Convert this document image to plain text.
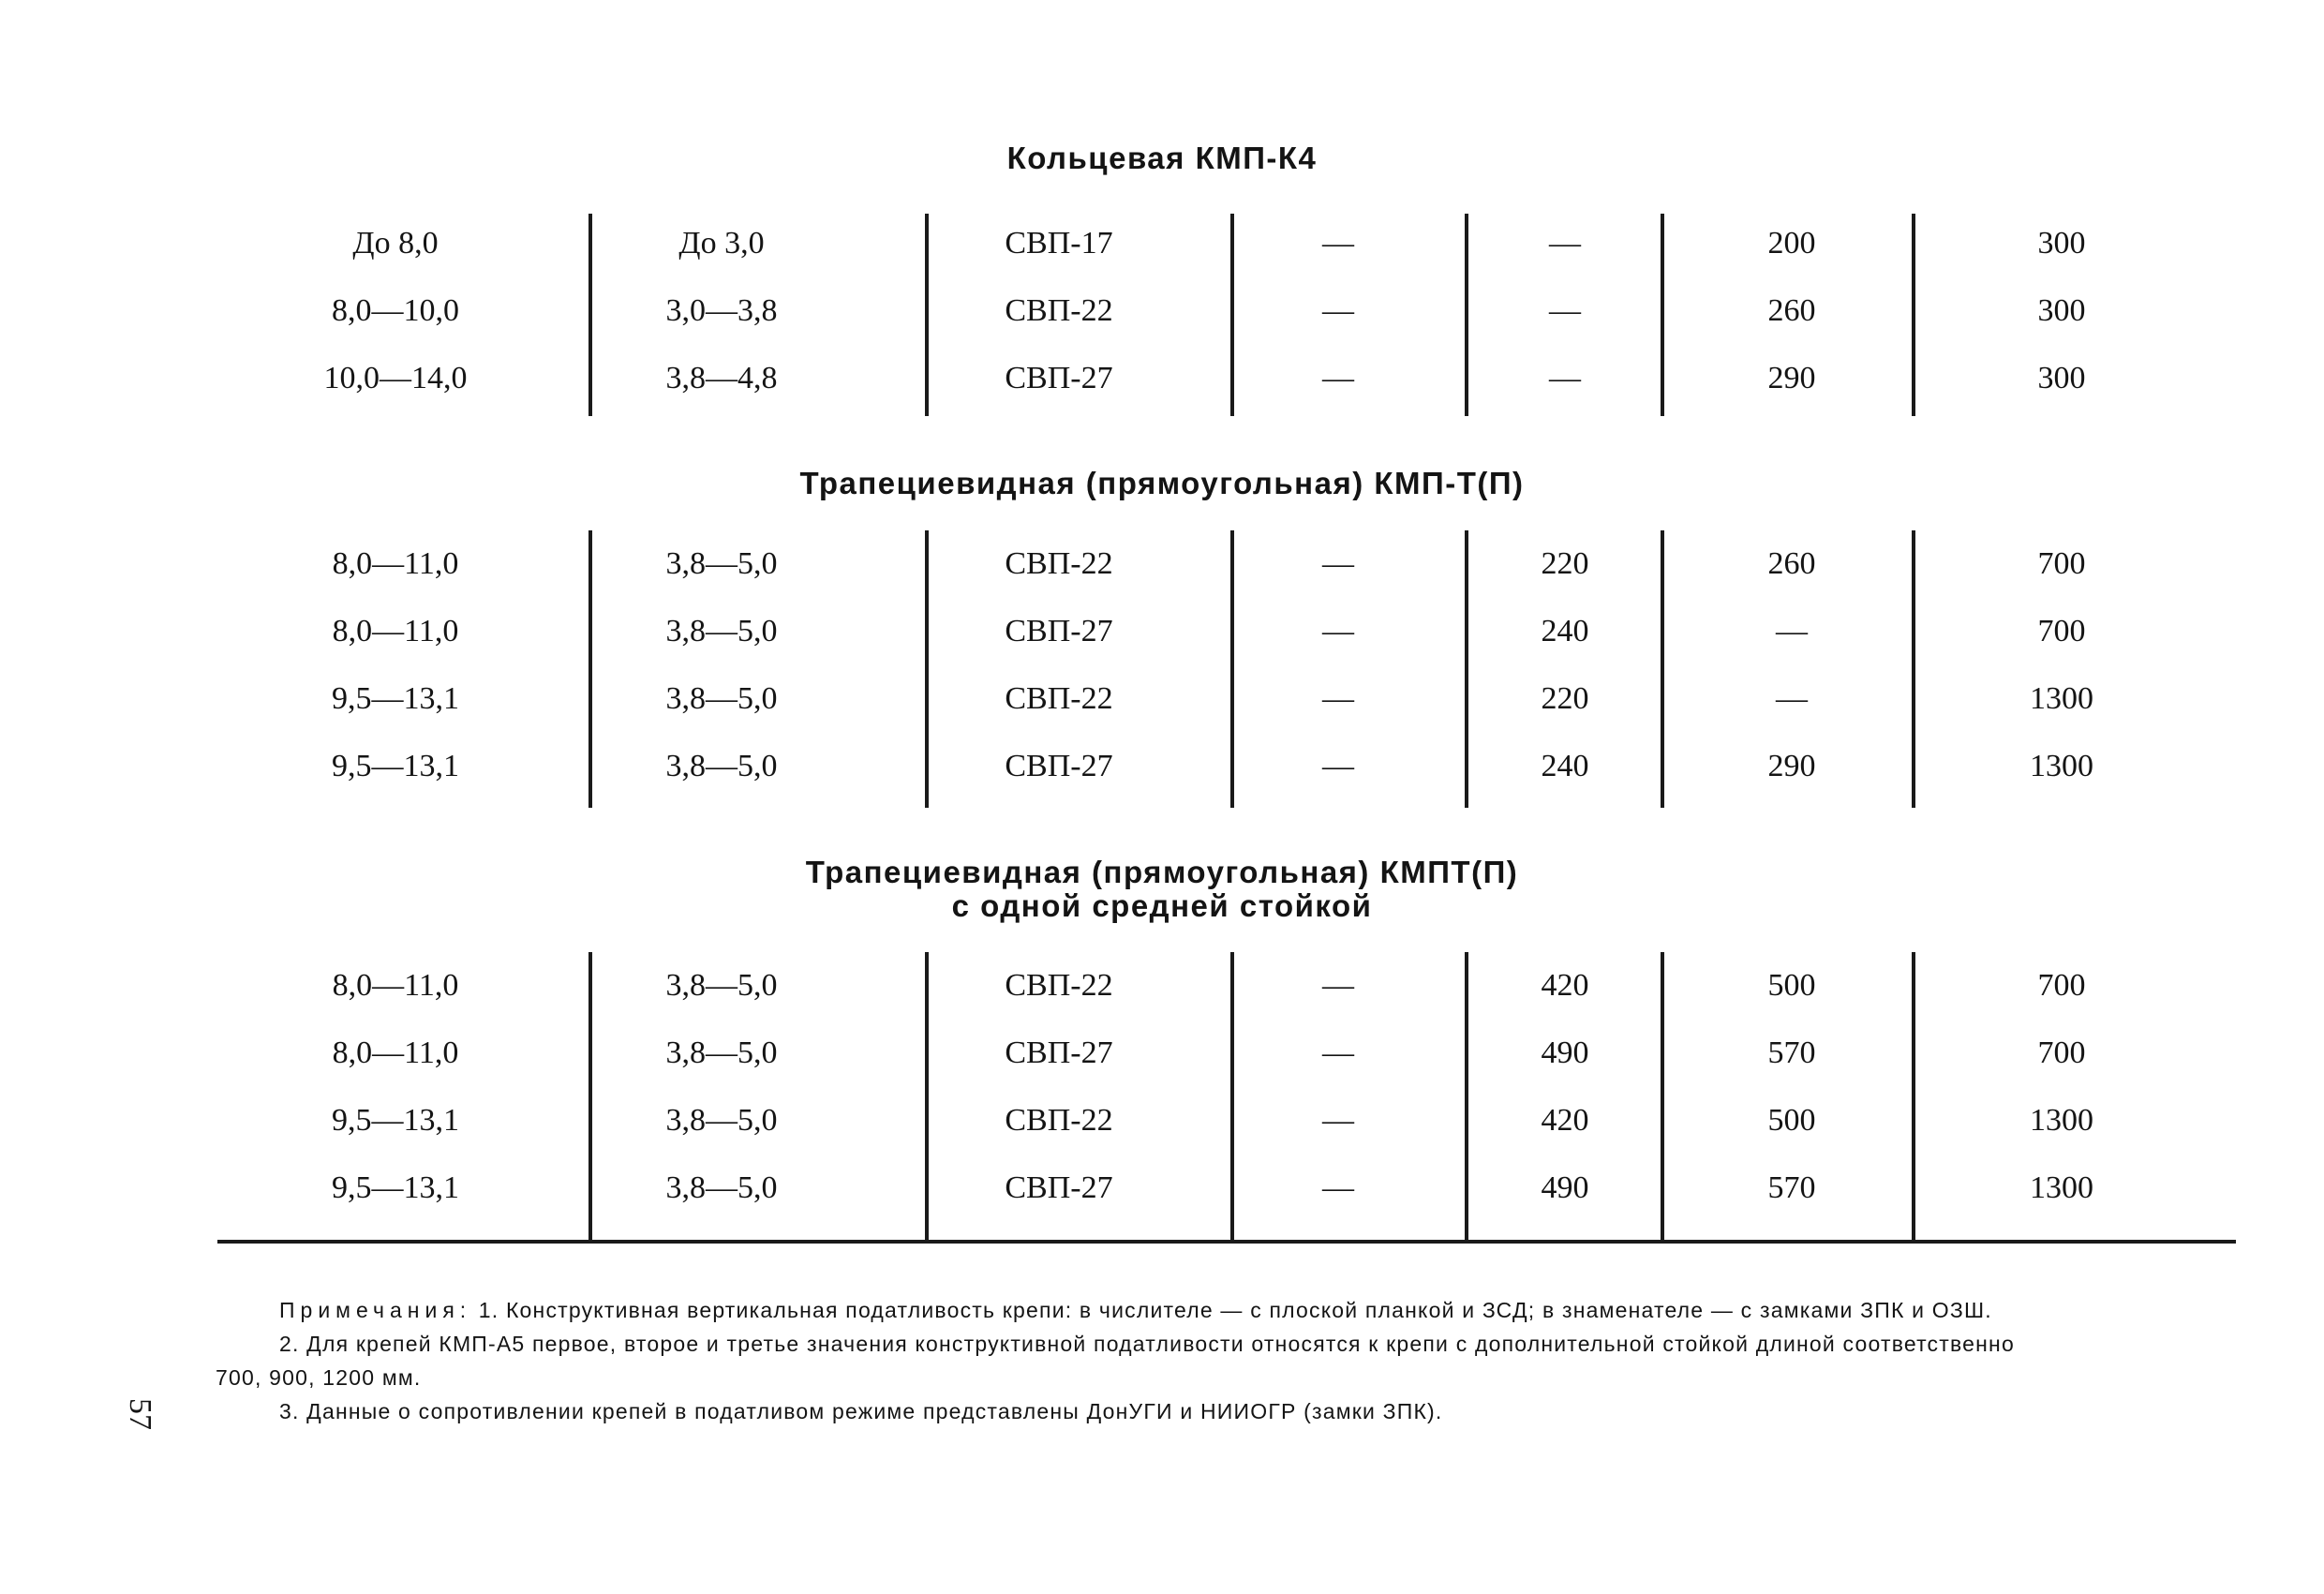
Кольцевая КМП-К4
Трапециевидная (прямоугольная) КМП-Т(П)
Трапециевидная (прямоугольная) КМПТ(П)
с одной средней стойкой
До 8,0	До 3,0	СВП-17	—	—	200	300
8,0—10,0	3,0—3,8	СВП-22	—	—	260	300
10,0—14,0	3,8—4,8	СВП-27	—	—	290	300
8,0—11,0	3,8—5,0	СВП-22	—	220	260	700
8,0—11,0	3,8—5,0	СВП-27	—	240	—	700
9,5—13,1	3,8—5,0	СВП-22	—	220	—	1300
9,5—13,1	3,8—5,0	СВП-27	—	240	290	1300
8,0—11,0	3,8—5,0	СВП-22	—	420	500	700
8,0—11,0	3,8—5,0	СВП-27	—	490	570	700
9,5—13,1	3,8—5,0	СВП-22	—	420	500	1300
9,5—13,1	3,8—5,0	СВП-27	—	490	570	1300
Примечания: 1. Конструктивная вертикальная податливость крепи: в числителе — с плоской планкой и ЗСД; в знаменателе — с замками ЗПК и ОЗШ.
2. Для крепей КМП-А5 первое, второе и третье значения конструктивной податливости относятся к крепи с дополнительной стойкой длиной соответственно
700, 900, 1200 мм.
3. Данные о сопротивлении крепей в податливом режиме представлены ДонУГИ и НИИОГР (замки ЗПК).
57
